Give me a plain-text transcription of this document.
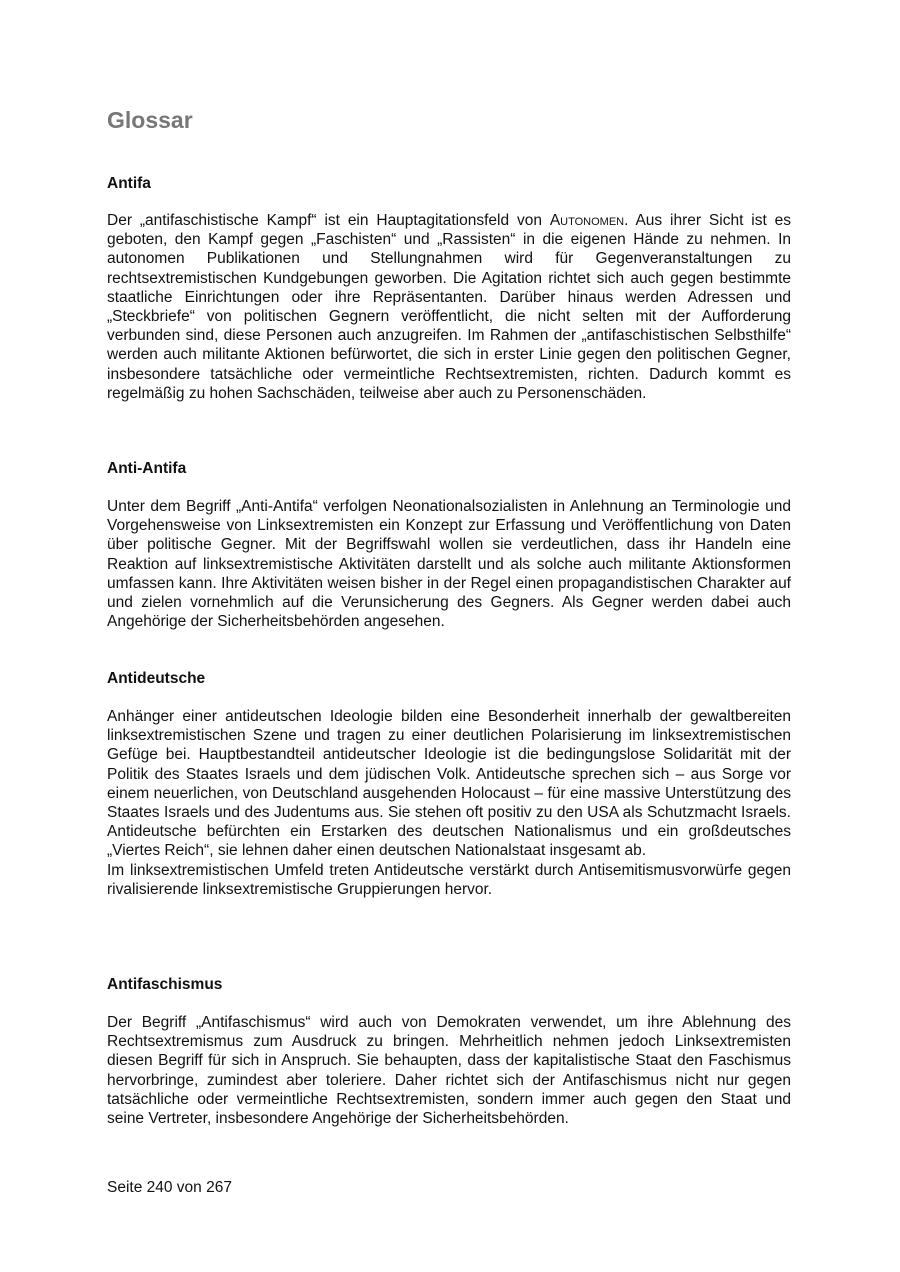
Glossar
Antifa

Der „antifaschistische Kampf“ ist ein Hauptagitationsfeld von Autonomen. Aus ihrer Sicht ist es geboten, den Kampf gegen „Faschisten“ und „Rassisten“ in die eigenen Hände zu nehmen. In autonomen Publikationen und Stellungnahmen wird für Gegenveranstaltungen zu rechtsextremistischen Kundgebungen geworben. Die Agitation richtet sich auch gegen bestimmte staatliche Einrichtungen oder ihre Repräsentanten. Darüber hinaus werden Adressen und „Steckbriefe“ von politischen Gegnern veröffentlicht, die nicht selten mit der Aufforderung verbunden sind, diese Personen auch anzugreifen. Im Rahmen der „antifaschistischen Selbsthilfe“ werden auch militante Aktionen befürwortet, die sich in erster Linie gegen den politischen Gegner, insbesondere tatsächliche oder vermeintliche Rechtsextremisten, richten. Dadurch kommt es regelmäßig zu hohen Sachschäden, teilweise aber auch zu Personenschäden.

Anti-Antifa

Unter dem Begriff „Anti-Antifa“ verfolgen Neonationalsozialisten in Anlehnung an Terminologie und Vorgehensweise von Linksextremisten ein Konzept zur Erfassung und Veröffentlichung von Daten über politische Gegner. Mit der Begriffswahl wollen sie verdeutlichen, dass ihr Handeln eine Reaktion auf linksextremistische Aktivitäten darstellt und als solche auch militante Aktionsformen umfassen kann. Ihre Aktivitäten weisen bisher in der Regel einen propagandistischen Charakter auf und zielen vornehmlich auf die Verunsicherung des Gegners. Als Gegner werden dabei auch Angehörige der Sicherheitsbehörden angesehen.

Antideutsche

Anhänger einer antideutschen Ideologie bilden eine Besonderheit innerhalb der gewaltbereiten linksextremistischen Szene und tragen zu einer deutlichen Polarisierung im linksextremistischen Gefüge bei. Hauptbestandteil antideutscher Ideologie ist die bedingungslose Solidarität mit der Politik des Staates Israels und dem jüdischen Volk. Antideutsche sprechen sich – aus Sorge vor einem neuerlichen, von Deutschland ausgehenden Holocaust – für eine massive Unterstützung des Staates Israels und des Judentums aus. Sie stehen oft positiv zu den USA als Schutzmacht Israels. Antideutsche befürchten ein Erstarken des deutschen Nationalismus und ein großdeutsches „Viertes Reich“, sie lehnen daher einen deutschen Nationalstaat insgesamt ab.

Im linksextremistischen Umfeld treten Antideutsche verstärkt durch Antisemitismusvorwürfe gegen rivalisierende linksextremistische Gruppierungen hervor.

Antifaschismus

Der Begriff „Antifaschismus“ wird auch von Demokraten verwendet, um ihre Ablehnung des Rechtsextremismus zum Ausdruck zu bringen. Mehrheitlich nehmen jedoch Linksextremisten diesen Begriff für sich in Anspruch. Sie behaupten, dass der kapitalistische Staat den Faschismus hervorbringe, zumindest aber toleriere. Daher richtet sich der Antifaschismus nicht nur gegen tatsächliche oder vermeintliche Rechtsextremisten, sondern immer auch gegen den Staat und seine Vertreter, insbesondere Angehörige der Sicherheitsbehörden.

Seite 240 von 267
